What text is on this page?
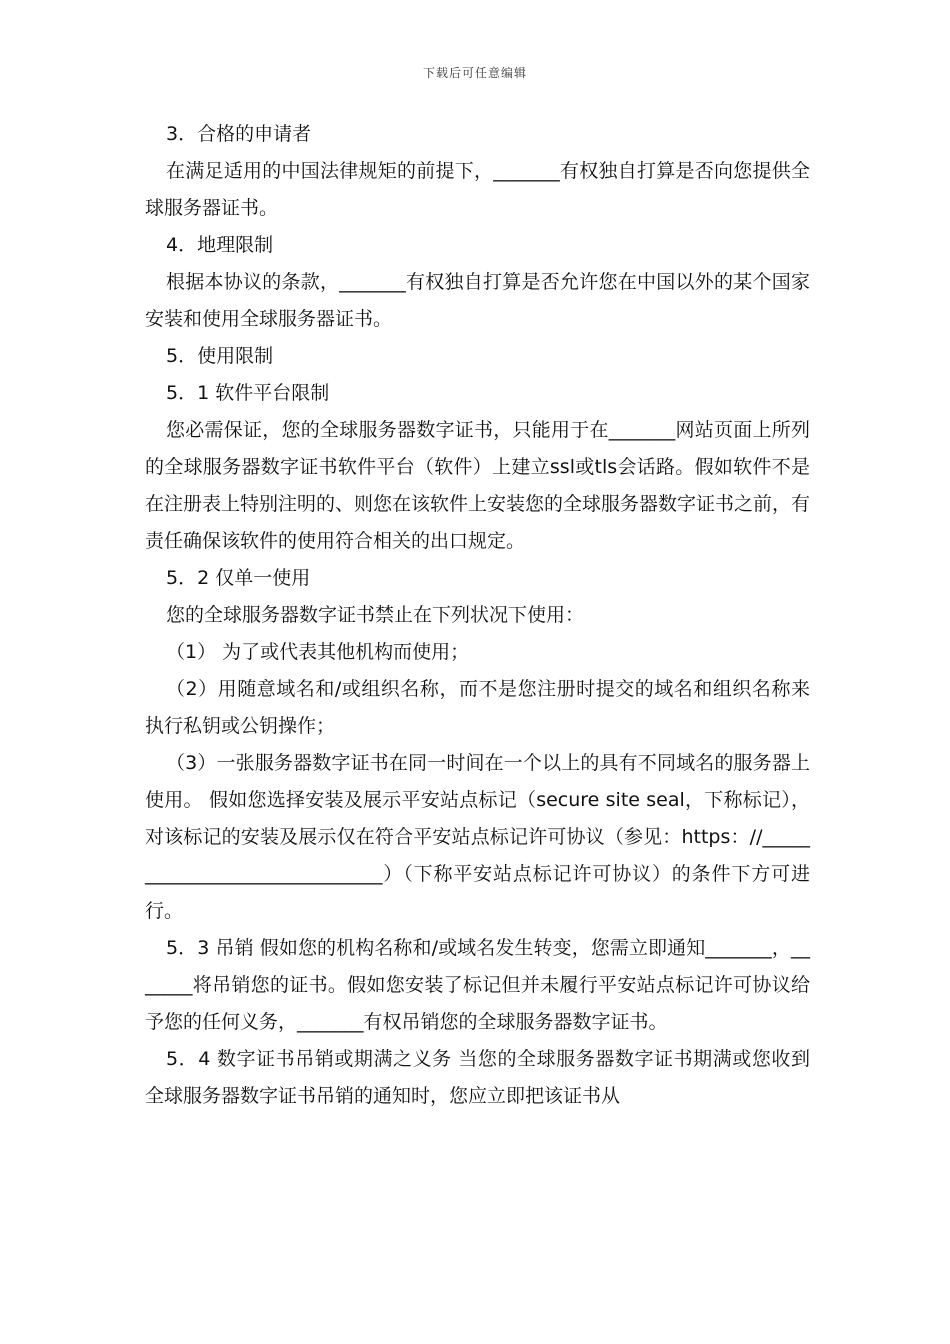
下载后可任意编辑

3．合格的申请者

在满足适用的中国法律规矩的前提下，_______有权独自打算是否向您提供全球服务器证书。

4．地理限制

根据本协议的条款，_______有权独自打算是否允许您在中国以外的某个国家安装和使用全球服务器证书。

5．使用限制

5．1 软件平台限制

您必需保证，您的全球服务器数字证书，只能用于在_______网站页面上所列的全球服务器数字证书软件平台（软件）上建立ssl或tls会话路。假如软件不是在注册表上特别注明的、则您在该软件上安装您的全球服务器数字证书之前，有责任确保该软件的使用符合相关的出口规定。

5．2 仅单一使用

您的全球服务器数字证书禁止在下列状况下使用：

（1） 为了或代表其他机构而使用；

（2）用随意域名和/或组织名称，而不是您注册时提交的域名和组织名称来执行私钥或公钥操作；

（3）一张服务器数字证书在同一时间在一个以上的具有不同域名的服务器上使用。 假如您选择安装及展示平安站点标记（secure site seal，下称标记），对该标记的安装及展示仅在符合平安站点标记许可协议（参见：https：//______________________________）（下称平安站点标记许可协议）的条件下方可进行。

5．3 吊销 假如您的机构名称和/或域名发生转变，您需立即通知_______，_______将吊销您的证书。假如您安装了标记但并未履行平安站点标记许可协议给予您的任何义务，_______有权吊销您的全球服务器数字证书。

5．4 数字证书吊销或期满之义务 当您的全球服务器数字证书期满或您收到全球服务器数字证书吊销的通知时，您应立即把该证书从
